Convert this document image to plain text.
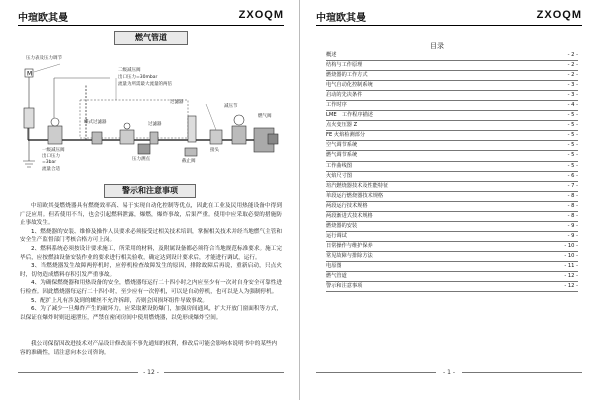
中瑄欧其曼	ZXOQM
燃气管道
M
压力表及压力调节
二级减压阀
出口压力=30mbar
流量为所需最大流量的两倍
过滤器
减压节
燃气阀
蝶式过滤器
一级减压阀
出口压力
=3bar
流量合适
压力测点
过滤器
接头
截止阀
警示和注意事项

中瑄欧其曼燃烧器具有燃烧效率高、易于实现自动化控制等优点，因此在工业及民用热能设备中得到广泛应用。但若使用不当，也会引起燃料泄露，爆燃，爆炸事故，后果严重。使用中应采取必要的措施防止事故发生。

1、燃烧器的安装、维修及操作人员要求必须接受过相关技术培训，掌握相关技术并经当地燃气主管和安全生产监督部门考核合格方可上岗。

2、燃料系统必须按设计要求施工，所采用的材料，及附属设备都必须符合当地规范标准要求。施工完毕后，应按燃油设备安装作业的要求进行相关验收，确定达到设计要求后，才能进行调试，运行。

3、当燃烧器发生故障两停机时，应停机检查故障发生的原因，排除故障后再说，重新启动，只点火时，切勿造成燃料存积引发严重事故。

4、为确保燃烧器和用热设备的安全，燃烧器每运行二十四小时之内应至少有一次对自身安全可靠性进行检查。因此燃烧器每运行二十四小时，至少应有一次停机，可以是自动停机，也可以是人为强制停机。

5、配扩上凡有涉及到的螺丝不允许拆卸，否则会因损坏组件导致事故。

6、为了减少一旦爆炸产生的破坏力，应采取紧设防爆门，加强房间通风，扩大开放门窗面积等方式，以保证在爆炸时则迅速泄压，严禁在密闭房间中使用燃烧器，以免形成爆炸空间。

我公司保留因改进技术对产品设计修改而不事先通知的权利，修改后可能会影响本说明书中的某些内容的准确性，请注意向本公司咨询。

- 12 -
中瑄欧其曼	ZXOQM
目录
概述	- 2 -
结构与工作原理	- 2 -
燃烧器的工作方式	- 2 -
电气自动化控制系统	- 3 -
启动的先决条件	- 3 -
工作时序	- 4 -
LME　工作程序描述	- 5 -
点火变压器 Z	- 5 -
FE 火焰检测部分	- 5 -
空气调节系统	- 5 -
燃气调节系统	- 5 -
工作曲线图	- 5 -
火焰尺寸图	- 6 -
瑄汽燃烧器技术及性能特征	- 7 -
单段运行燃烧器技术规格	- 8 -
两段运行技术规格	- 8 -
两段渐进式技术规格	- 8 -
燃烧器的安装	- 9 -
运行调试	- 9 -
日常操作与维护保养	- 10 -
常见故障与排除方法	- 10 -
电原图	- 11 -
燃气管道	- 12 -
警示和注意事项	- 12 -
- 1 -
